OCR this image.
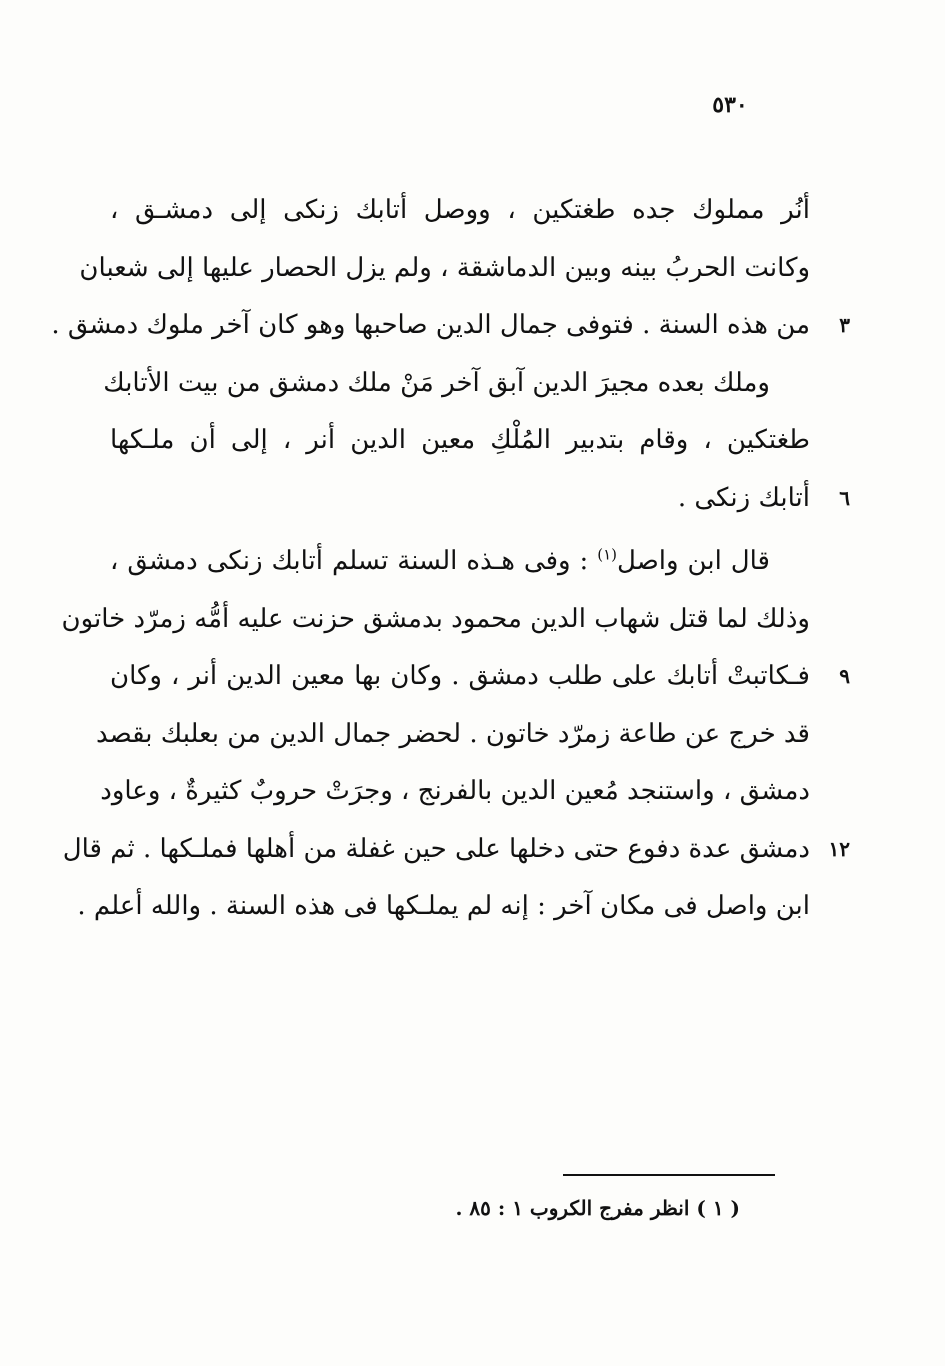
٥٣٠
أنُر مملوك جده طغتكين ، ووصل أتابك زنكى إلى دمشـق ،
وكانت الحربُ بينه وبين الدماشقة ، ولم يزل الحصار عليها إلى شعبان
٣
من هذه السنة . فتوفى جمال الدين صاحبها وهو كان آخر ملوك دمشق .
وملك بعده مجيرَ الدين آبق آخر مَنْ ملك دمشق من بيت الأتابك
طغتكين ، وقام بتدبير المُلْكِ معين الدين أنر ، إلى أن ملـكها
٦
أتابك زنكى .
قال ابن واصل$^{(١)}$ : وفى هـذه السنة تسلم أتابك زنكى دمشق ،
وذلك لما قتل شهاب الدين محمود بدمشق حزنت عليه أمُّه زمرّد خاتون
٩
فـكاتبتْ أتابك على طلب دمشق . وكان بها معين الدين أنر ، وكان
قد خرج عن طاعة زمرّد خاتون . لحضر جمال الدين من بعلبك بقصد
دمشق ، واستنجد مُعين الدين بالفرنج ، وجرَتْ حروبٌ كثيرةٌ ، وعاود
١٢
دمشق عدة دفوع حتى دخلها على حين غفلة من أهلها فملـكها . ثم قال
ابن واصل فى مكان آخر : إنه لم يملـكها فى هذه السنة . والله أعلم .
( ١ ) انظر مفرج الكروب ١ : ٨٥ .
